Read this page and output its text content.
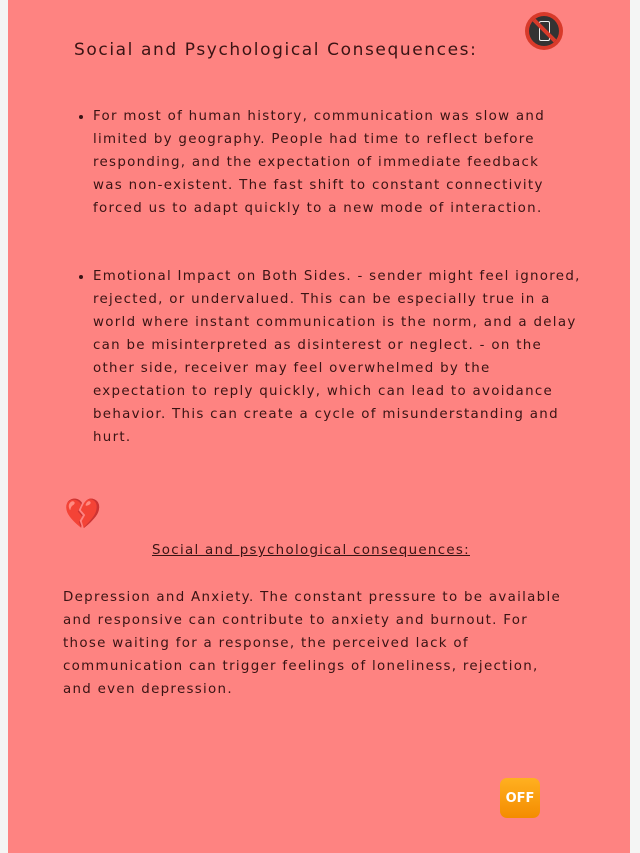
Social and Psychological Consequences:
• For most of human history, communication was slow and
limited by geography. People had time to reflect before
responding, and the expectation of immediate feedback
was non-existent. The fast shift to constant connectivity
forced us to adapt quickly to a new mode of interaction.
• Emotional Impact on Both Sides. - sender might feel ignored,
rejected, or undervalued. This can be especially true in a
world where instant communication is the norm, and a delay
can be misinterpreted as disinterest or neglect. - on the
other side, receiver may feel overwhelmed by the
expectation to reply quickly, which can lead to avoidance
behavior. This can create a cycle of misunderstanding and
hurt.
💔
Social and psychological consequences:
Depression and Anxiety. The constant pressure to be available
and responsive can contribute to anxiety and burnout. For
those waiting for a response, the perceived lack of
communication can trigger feelings of loneliness, rejection,
and even depression.
OFF
